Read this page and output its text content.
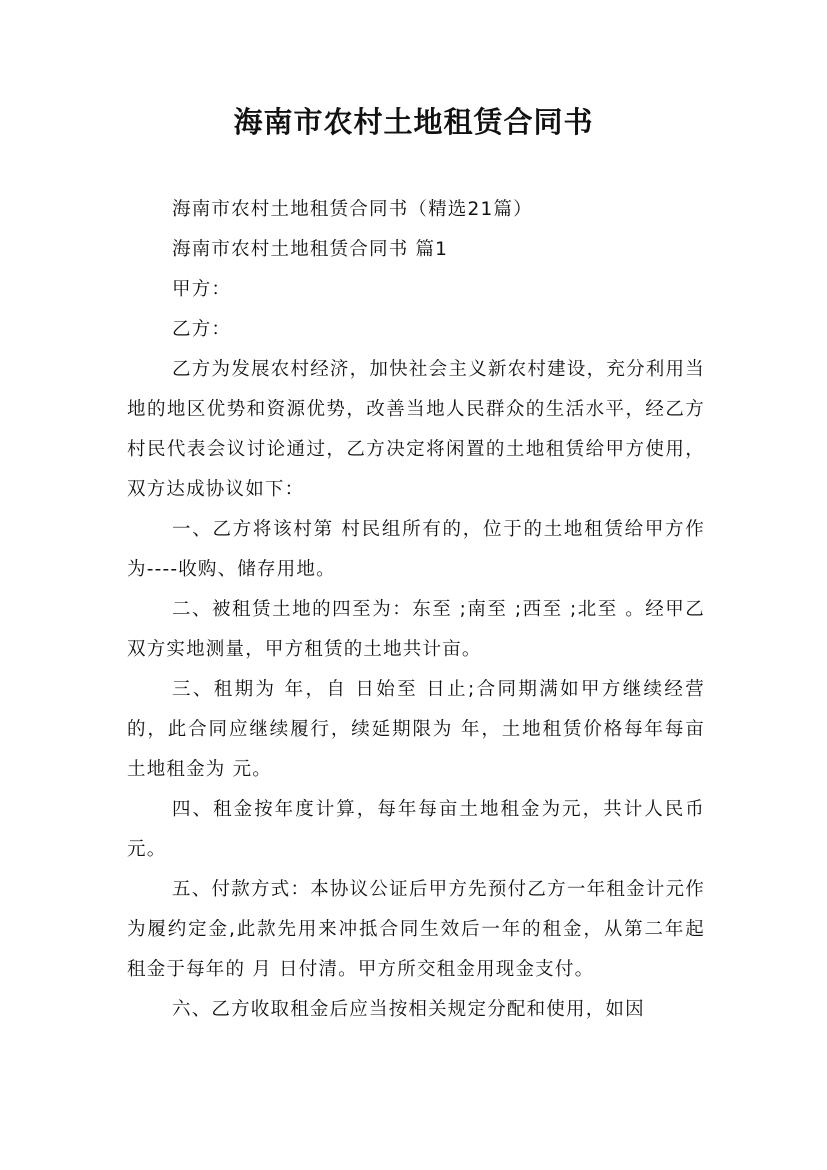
海南市农村土地租赁合同书

海南市农村土地租赁合同书（精选21篇）

海南市农村土地租赁合同书 篇1

甲方：

乙方：

乙方为发展农村经济，加快社会主义新农村建设，充分利用当地的地区优势和资源优势，改善当地人民群众的生活水平，经乙方村民代表会议讨论通过，乙方决定将闲置的土地租赁给甲方使用，双方达成协议如下：

一、乙方将该村第 村民组所有的，位于的土地租赁给甲方作为----收购、储存用地。

二、被租赁土地的四至为：东至 ;南至 ;西至 ;北至 。经甲乙双方实地测量，甲方租赁的土地共计亩。

三、租期为 年，自 日始至 日止;合同期满如甲方继续经营的，此合同应继续履行，续延期限为 年，土地租赁价格每年每亩土地租金为 元。

四、租金按年度计算，每年每亩土地租金为元，共计人民币 元。

五、付款方式：本协议公证后甲方先预付乙方一年租金计元作为履约定金,此款先用来冲抵合同生效后一年的租金，从第二年起租金于每年的 月 日付清。甲方所交租金用现金支付。

六、乙方收取租金后应当按相关规定分配和使用，如因
